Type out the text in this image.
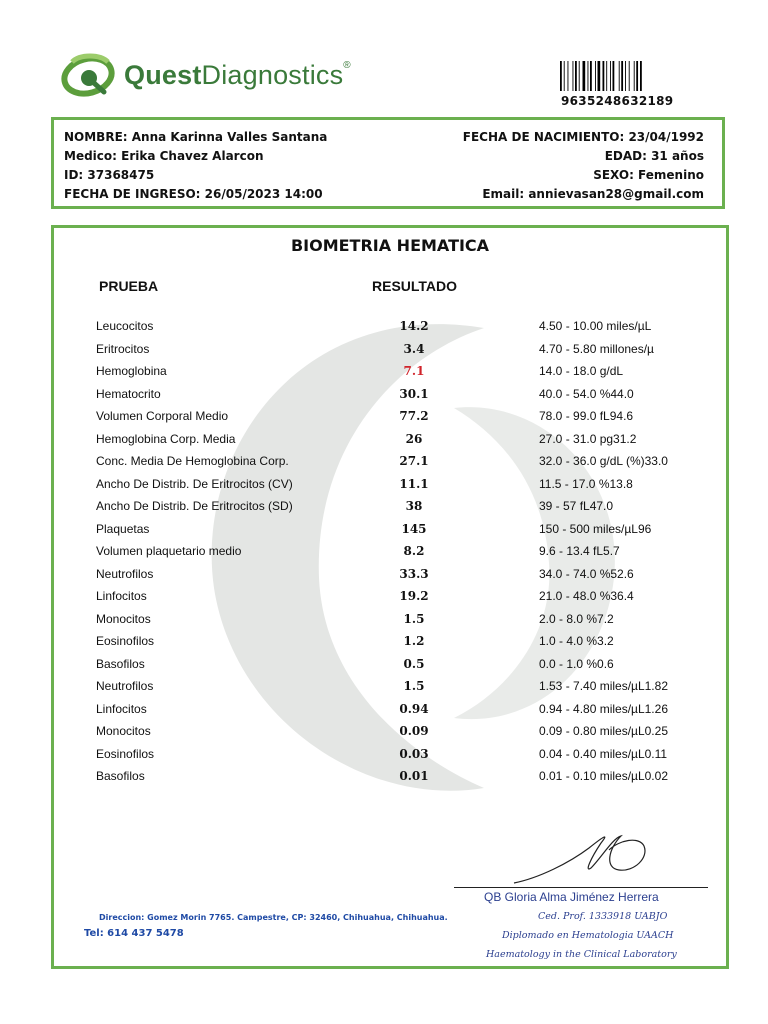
QuestDiagnostics®
9635248632189
NOMBRE: Anna Karinna Valles Santana
Medico: Erika Chavez Alarcon
ID: 37368475
FECHA DE INGRESO: 26/05/2023 14:00
FECHA DE NACIMIENTO: 23/04/1992
EDAD: 31 años
SEXO: Femenino
Email: annievasan28@gmail.com
BIOMETRIA HEMATICA
PRUEBA	RESULTADO
Leucocitos	14.2	4.50 - 10.00 miles/µL
Eritrocitos	3.4	4.70 - 5.80 millones/µ
Hemoglobina	7.1	14.0 - 18.0 g/dL
Hematocrito	30.1	40.0 - 54.0 %44.0
Volumen Corporal Medio	77.2	78.0 - 99.0 fL94.6
Hemoglobina Corp. Media	26	27.0 - 31.0 pg31.2
Conc. Media De Hemoglobina Corp.	27.1	32.0 - 36.0 g/dL (%)33.0
Ancho De Distrib. De Eritrocitos (CV)	11.1	11.5 - 17.0 %13.8
Ancho De Distrib. De Eritrocitos (SD)	38	39 - 57 fL47.0
Plaquetas	145	150 - 500 miles/µL96
Volumen plaquetario medio	8.2	9.6 - 13.4 fL5.7
Neutrofilos	33.3	34.0 - 74.0 %52.6
Linfocitos	19.2	21.0 - 48.0 %36.4
Monocitos	1.5	2.0 - 8.0 %7.2
Eosinofilos	1.2	1.0 - 4.0 %3.2
Basofilos	0.5	0.0 - 1.0 %0.6
Neutrofilos	1.5	1.53 - 7.40 miles/µL1.82
Linfocitos	0.94	0.94 - 4.80 miles/µL1.26
Monocitos	0.09	0.09 - 0.80 miles/µL0.25
Eosinofilos	0.03	0.04 - 0.40 miles/µL0.11
Basofilos	0.01	0.01 - 0.10 miles/µL0.02
QB Gloria Alma Jiménez Herrera
Ced. Prof. 1333918 UABJO
Diplomado en Hematologia UAACH
Haematology in the Clinical Laboratory
Direccion: Gomez Morin 7765. Campestre, CP: 32460, Chihuahua, Chihuahua.
Tel: 614 437 5478
